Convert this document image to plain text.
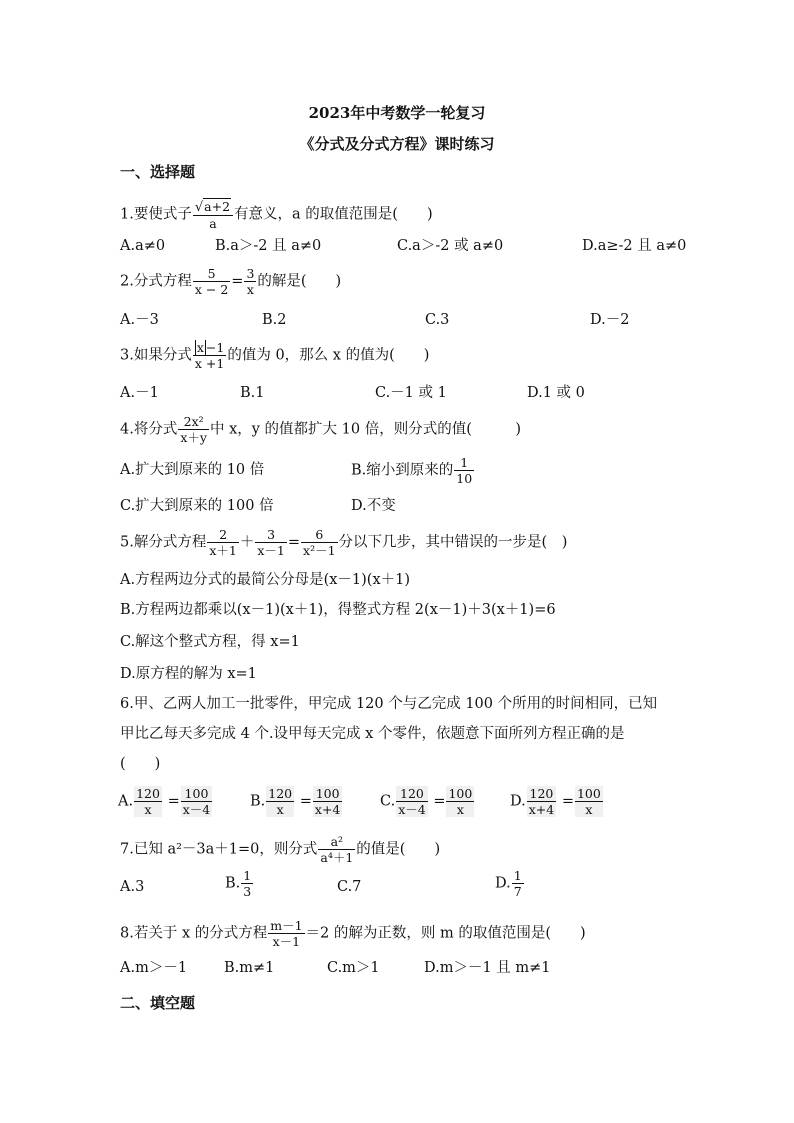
2023年中考数学一轮复习
《分式及分式方程》课时练习
一、选择题
1.要使式子 $\frac{√a+2}{a}$ 有意义，a 的取值范围是(　　)
A.a≠0	B.a＞-2 且 a≠0	C.a＞-2 或 a≠0	D.a≥-2 且 a≠0
2.分式方程 $\frac{5}{x - 2} = \frac{3}{x}$ 的解是(　　)
A.－3	B.2	C.3	D.－2
3.如果分式 $\frac{x -1}{x +1}$ 的值为 0，那么 x 的值为(　　)
A.－1	B.1	C.－1 或 1	D.1 或 0
4.将分式 $\frac{\text{2x²}}{x+y}$ 中 x，y 的值都扩大 10 倍，则分式的值(　　　)
A.扩大到原来的 10 倍	B.缩小到原来的 $\frac{1}{10}$
C.扩大到原来的 100 倍	D.不变
5.解分式方程 $\frac{2}{x+1} + \frac{3}{x-1} = \frac{6}{\text{x²－1}}$ 分以下几步，其中错误的一步是(　)
A.方程两边分式的最简公分母是(x－1)(x＋1)
B.方程两边都乘以(x－1)(x＋1)，得整式方程 2(x－1)＋3(x＋1)=6
C.解这个整式方程，得 x=1
D.原方程的解为 x=1
6.甲、乙两人加工一批零件，甲完成 120 个与乙完成 100 个所用的时间相同，已知
甲比乙每天多完成 4 个.设甲每天完成 x 个零件，依题意下面所列方程正确的是
(　　)
A. $\frac{120}{x} = \frac{100}{x-4}$	B. $\frac{120}{x} = \frac{100}{x+4}$	C. $\frac{120}{x-4} = \frac{100}{x} D$. $\frac{120}{x+4} = \frac{100}{x}$
7.已知 a²－3a＋1=0，则分式 $\frac{\text{a²}}{\text{a⁴＋1}}$ 的值是(　　)
A.3	B. $\frac{1}{3}$	C.7	D. $\frac{1}{7}$
8.若关于 x 的分式方程 $\frac{m-1}{x-1} =2$ 的解为正数，则 m 的取值范围是(　　)
A.m＞－1	B.m≠1	C.m＞1	D.m＞－1 且 m≠1
二、填空题
